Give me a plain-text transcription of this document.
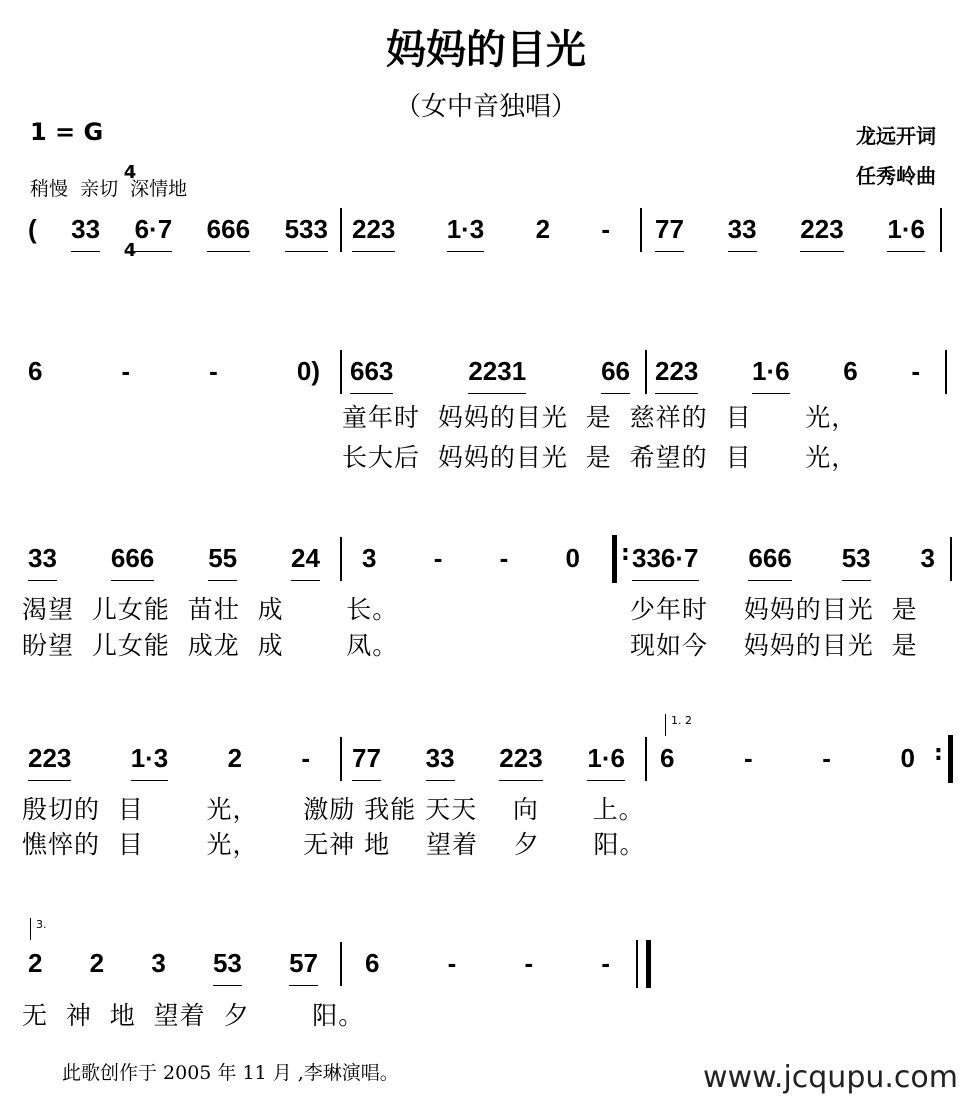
妈妈的目光
（女中音独唱）
1 = G

4

4

稍慢  亲切  深情地
龙远开词
任秀岭曲
( 33 6·7 666 533 223 1·3 2 - 77 33 223 1·6
6	-	-	0) 663	2231	66 223 1·6 6 -
童年时  妈妈的目光  是  慈祥的  目      光，
长大后  妈妈的目光  是  希望的  目      光，
33 666 55 24 3 - - 0 : 336·7 666 53 3
渴望  儿女能  苗壮  成       长。
盼望  儿女能  成龙  成       凤。
少年时    妈妈的目光  是
现如今    妈妈的目光  是
223 1·3 2 - 77 33 223 1·6
1. 2
6	-	-	0
:
殷切的  目       光，     激励 我能 天天    向      上。
憔悴的  目       光，     无神 地    望着    夕      阳。
3.
2 2 3 53 57 6	-	-	-
无  神  地  望着  夕       阳。
此歌创作于 2005 年 11 月 ,李琳演唱。	www.jcqupu.com
